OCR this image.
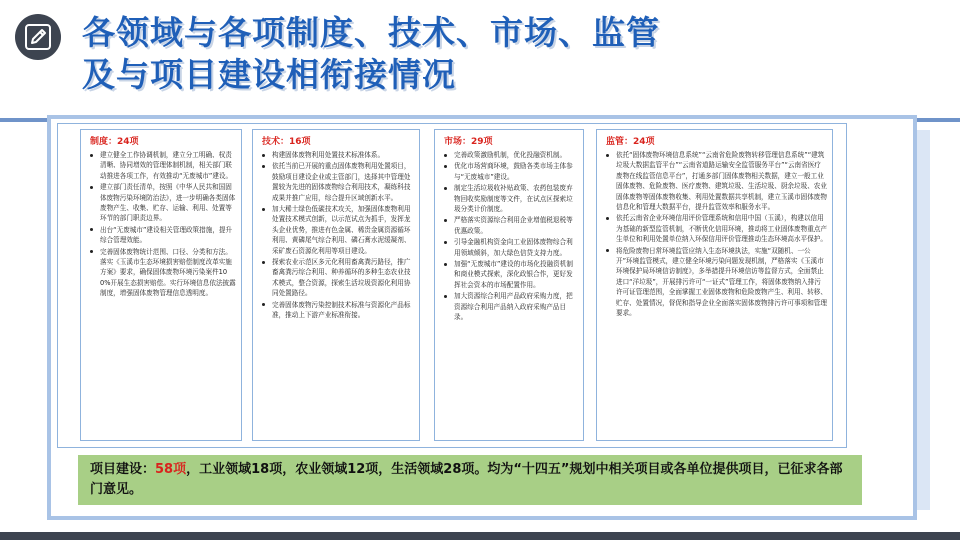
各领域与各项制度、技术、市场、监管
及与项目建设相衔接情况
制度：24项
建立健全工作协调机制，建立分工明确、权责清晰、协同增效的管理体制机制，相关部门联动推进各项工作，有效推动“无废城市”建设。
建立部门责任清单，按照《中华人民共和国固体废物污染环境防治法》，进一步明确各类固体废物产生、收集、贮存、运输、利用、处置等环节的部门职责边界。
出台“无废城市”建设相关管理政策措施，提升综合管理效能。
完善固体废物统计范围、口径、分类和方法。落实《玉溪市生态环境损害赔偿制度改革实施方案》要求，确保固体废物环境污染案件100%开展生态损害赔偿。实行环境信息依法披露制度，增强固体废物管理信息透明度。
技术：16项
构建固体废物利用处置技术标准体系。
依托当前已开展的重点固体废物利用处置项目，鼓励项目建设企业或主管部门，选择其中管理处置较为先进的固体废物综合利用技术，凝练科技成果并推广应用，综合提升区域创新水平。
加大稀土绿色低碳技术攻关，加强固体废物利用处置技术模式创新，以示范试点为抓手，发挥龙头企业优势，推进有色金属、稀贵金属资源循环利用、黄磷尾气综合利用、磷石膏水泥缓凝剂、采矿废石资源化利用等项目建设。
探索农业示范区多元化利用畜禽粪污路径，推广畜禽粪污综合利用、种养循环的多种生态农业技术模式，整合资源，探索生活垃圾资源化利用协同处置路径。
完善固体废物污染控制技术标准与资源化产品标准，推动上下游产业标准衔接。
市场：29项
完善政策激励机制，优化投融资机制。
优化市场营商环境，鼓励各类市场主体参与“无废城市”建设。
制定生活垃圾收补贴政策、农药包装废弃物回收奖励制度等文件，在试点区探索垃圾分类计价制度。
严格落实资源综合利用企业增值税退税等优惠政策。
引导金融机构资金向工业固体废物综合利用领域倾斜，加大绿色信贷支持力度。
加强“无废城市”建设的市场化投融资机制和商业模式探索，深化政银合作，更好发挥社会资本的市场配置作用。
加大资源综合利用产品政府采购力度，把资源综合利用产品纳入政府采购产品目录。
监管：24项
依托“固体废物环境信息系统”“云南省危险废物转移管理信息系统”“建筑垃圾大数据监管平台”“云南省道路运输安全监管服务平台”“云南省医疗废物在线监管信息平台”，打通多部门固体废物相关数据，建立一般工业固体废物、危险废物、医疗废物、建筑垃圾、生活垃圾、厨余垃圾、农业固体废物等固体废物收集、利用处置数据共享机制，建立玉溪市固体废物信息化和管理大数据平台，提升监管效率和服务水平。
依托云南省企业环境信用评价管理系统和信用中国（玉溪），构建以信用为基础的新型监管机制，不断优化信用环境，推动将工业固体废物重点产生单位和利用处置单位纳入环保信用评价管理推动生态环境高水平保护。
将危险废物日常环境监管应纳入生态环境执法，实施“双随机、一公开”环境监管模式，建立健全环境污染问题发现机制，严格落实《玉溪市环境保护局环境信访制度》，多举措提升环境信访等监督方式，全面禁止进口“洋垃圾”，开展排污许可“一证式”管理工作，将固体废物纳入排污许可证管理范围，全面掌握工业固体废物和危险废物产生、利用、转移、贮存、处置情况，督促和指导企业全面落实固体废物排污许可事项和管理要求。
项目建设：58项，工业领域18项，农业领域12项，生活领域28项。均为“十四五”规划中相关项目或各单位提供项目，已征求各部门意见。
